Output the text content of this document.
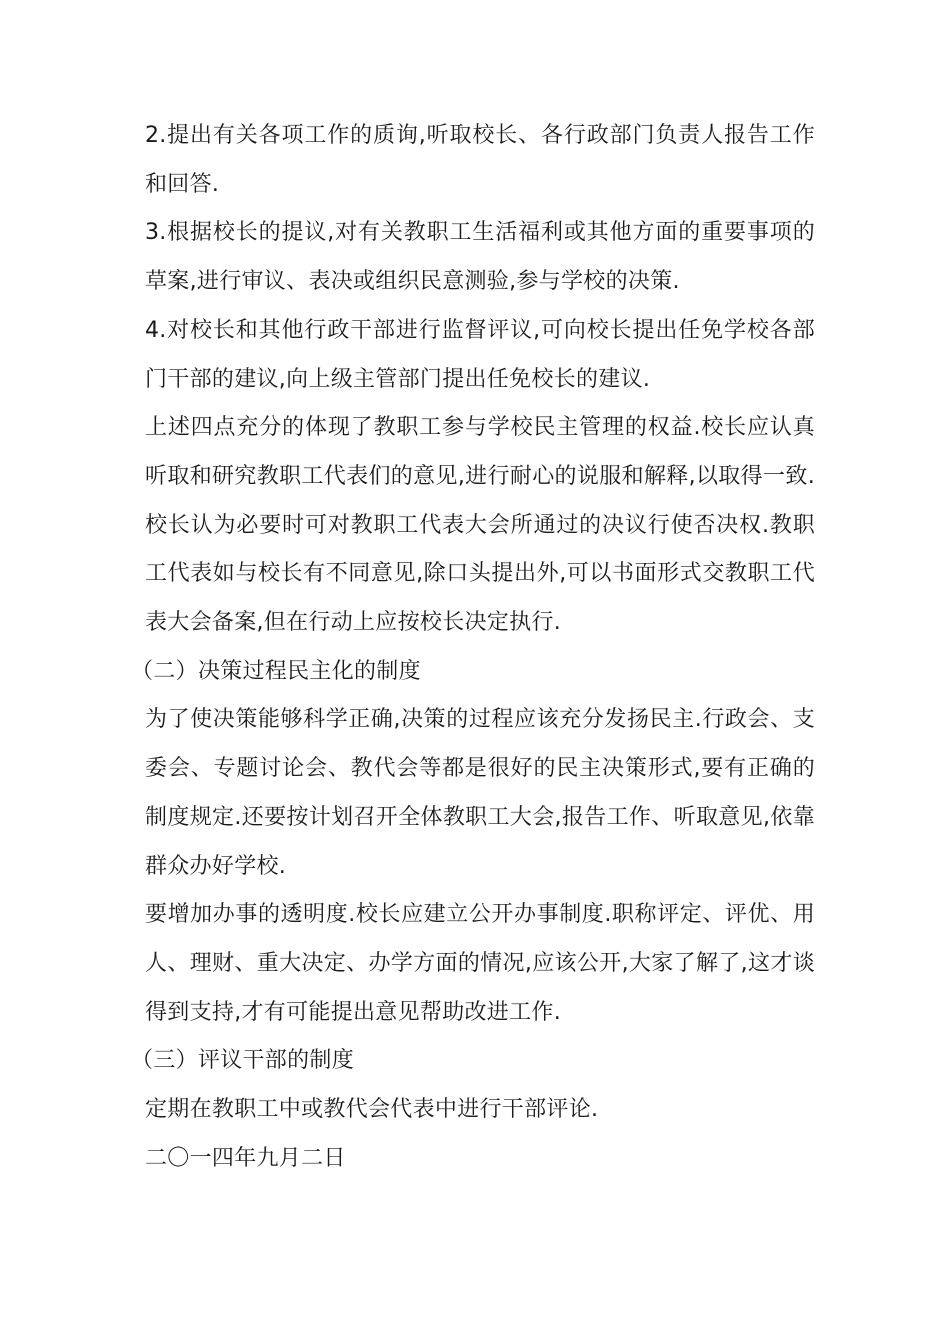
2.提出有关各项工作的质询,听取校长、各行政部门负责人报告工作和回答.

3.根据校长的提议,对有关教职工生活福利或其他方面的重要事项的草案,进行审议、表决或组织民意测验,参与学校的决策.

4.对校长和其他行政干部进行监督评议,可向校长提出任免学校各部门干部的建议,向上级主管部门提出任免校长的建议.

上述四点充分的体现了教职工参与学校民主管理的权益.校长应认真听取和研究教职工代表们的意见,进行耐心的说服和解释,以取得一致.校长认为必要时可对教职工代表大会所通过的决议行使否决权.教职工代表如与校长有不同意见,除口头提出外,可以书面形式交教职工代表大会备案,但在行动上应按校长决定执行.

（二）决策过程民主化的制度

为了使决策能够科学正确,决策的过程应该充分发扬民主.行政会、支委会、专题讨论会、教代会等都是很好的民主决策形式,要有正确的制度规定.还要按计划召开全体教职工大会,报告工作、听取意见,依靠群众办好学校.

要增加办事的透明度.校长应建立公开办事制度.职称评定、评优、用人、理财、重大决定、办学方面的情况,应该公开,大家了解了,这才谈得到支持,才有可能提出意见帮助改进工作.

（三）评议干部的制度

定期在教职工中或教代会代表中进行干部评论.

二〇一四年九月二日
